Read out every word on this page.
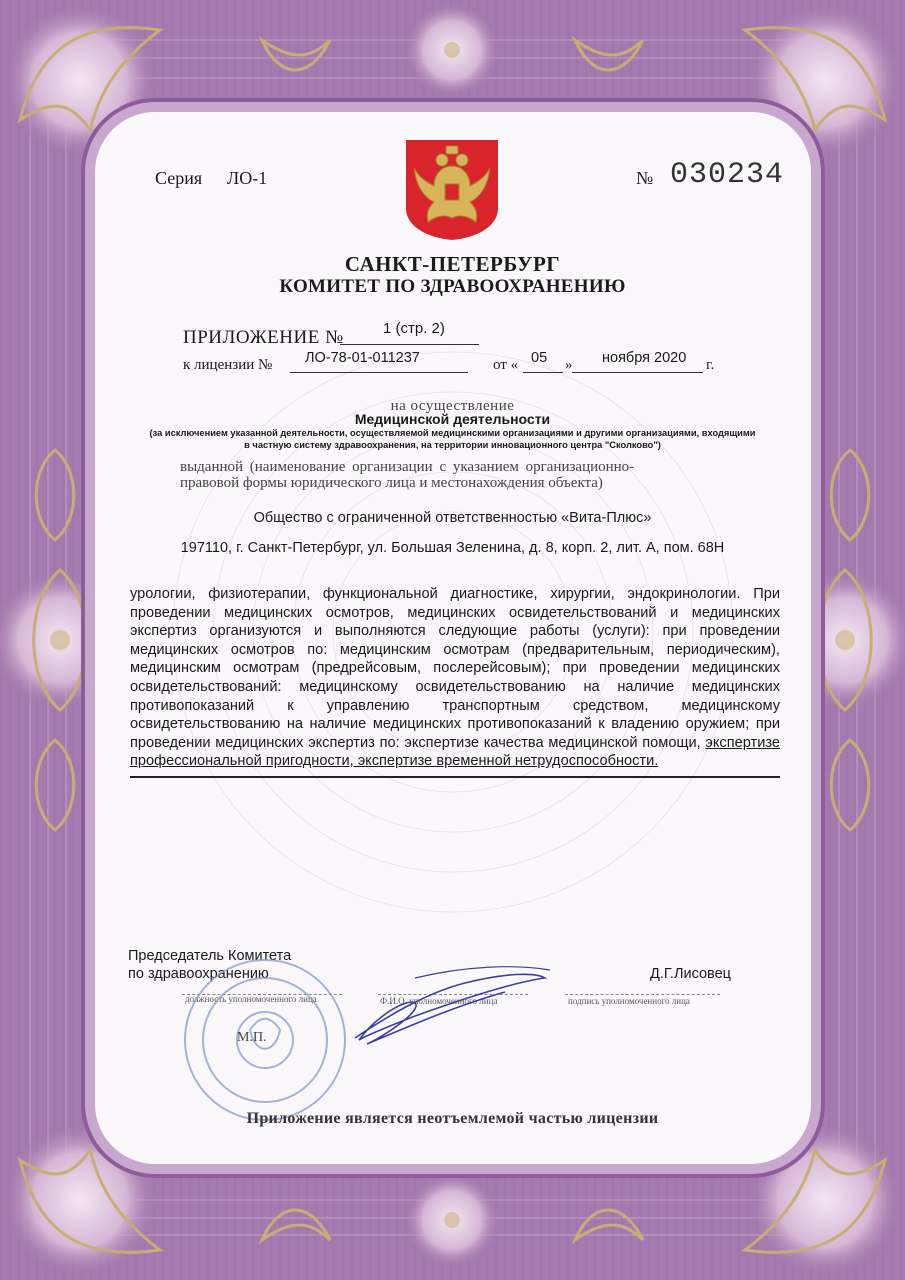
Серия ЛО-1	№ 030234
САНКТ-ПЕТЕРБУРГ
КОМИТЕТ ПО ЗДРАВООХРАНЕНИЮ
ПРИЛОЖЕНИЕ №	1 (стр. 2)
к лицензии № ЛО-78-01-011237	от « 05 » ноября 2020 г.
на осуществление
Медицинской деятельности
(за исключением указанной деятельности, осуществляемой медицинскими организациями и другими организациями, входящими
в частную систему здравоохранения, на территории инновационного центра "Сколково")
выданной (наименование организации с указанием организационно-
правовой формы юридического лица и местонахождения объекта)
Общество с ограниченной ответственностью «Вита-Плюс»
197110, г. Санкт-Петербург, ул. Большая Зеленина, д. 8, корп. 2, лит. А, пом. 68Н
урологии, физиотерапии, функциональной диагностике, хирургии, эндокринологии. При проведении медицинских осмотров, медицинских освидетельствований и медицинских экспертиз организуются и выполняются следующие работы (услуги): при проведении медицинских осмотров по: медицинским осмотрам (предварительным, периодическим), медицинским осмотрам (предрейсовым, послерейсовым); при проведении медицинских освидетельствований: медицинскому освидетельствованию на наличие медицинских противопоказаний к управлению транспортным средством, медицинскому освидетельствованию на наличие медицинских противопоказаний к владению оружием; при проведении медицинских экспертиз по: экспертизе качества медицинской помощи, экспертизе профессиональной пригодности, экспертизе временной нетрудоспособности.
Председатель Комитета
по здравоохранению	Д.Г.Лисовец
должность уполномоченного лица	Ф.И.О. уполномоченного лица	подпись уполномоченного лица
М.П.
Приложение является неотъемлемой частью лицензии
